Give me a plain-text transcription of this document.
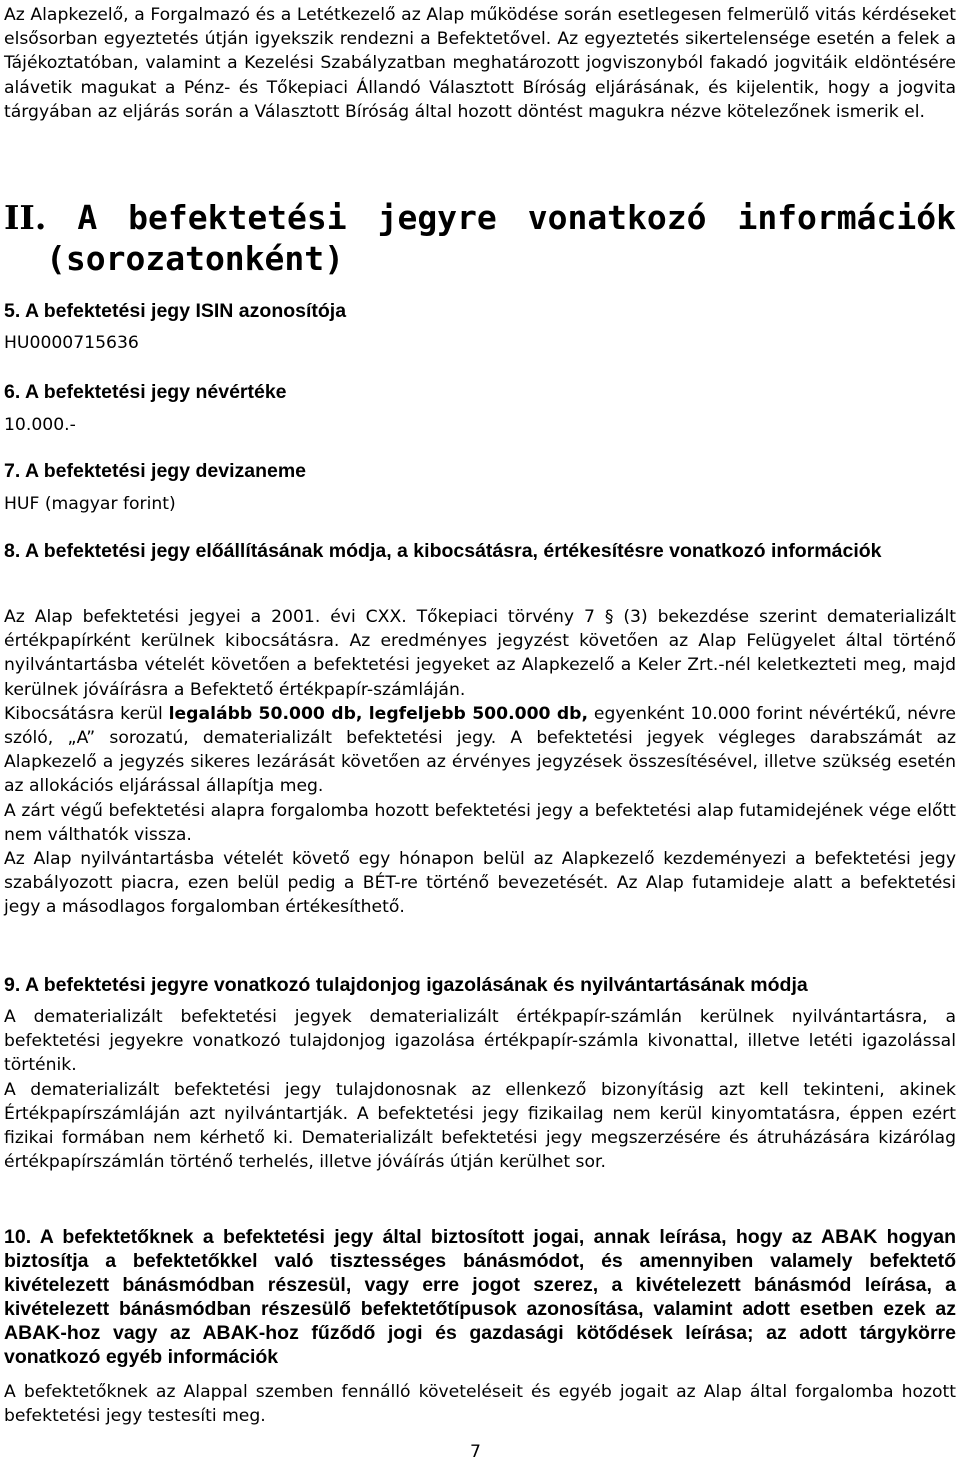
Az Alapkezelő, a Forgalmazó és a Letétkezelő az Alap működése során esetlegesen felmerülő vitás kérdéseket elsősorban egyeztetés útján igyekszik rendezni a Befektetővel. Az egyeztetés sikertelensége esetén a felek a Tájékoztatóban, valamint a Kezelési Szabályzatban meghatározott jogviszonyból fakadó jogvitáik eldöntésére alávetik magukat a Pénz- és Tőkepiaci Állandó Választott Bíróság eljárásának, és kijelentik, hogy a jogvita tárgyában az eljárás során a Választott Bíróság által hozott döntést magukra nézve kötelezőnek ismerik el.

II. A befektetési jegyre vonatkozó információk
(sorozatonként)

5. A befektetési jegy ISIN azonosítója

HU0000715636

6. A befektetési jegy névértéke

10.000.-

7. A befektetési jegy devizaneme

HUF (magyar forint)

8. A befektetési jegy előállításának módja, a kibocsátásra, értékesítésre vonatkozó információk

Az Alap befektetési jegyei a 2001. évi CXX. Tőkepiaci törvény 7 § (3) bekezdése szerint dematerializált értékpapírként kerülnek kibocsátásra. Az eredményes jegyzést követően az Alap Felügyelet által történő nyilvántartásba vételét követően a befektetési jegyeket az Alapkezelő a Keler Zrt.-nél keletkezteti meg, majd kerülnek jóváírásra a Befektető értékpapír-számláján.
Kibocsátásra kerül legalább 50.000 db, legfeljebb 500.000 db, egyenként 10.000 forint névértékű, névre szóló, „A” sorozatú, dematerializált befektetési jegy. A befektetési jegyek végleges darabszámát az Alapkezelő a jegyzés sikeres lezárását követően az érvényes jegyzések összesítésével, illetve szükség esetén az allokációs eljárással állapítja meg.
A zárt végű befektetési alapra forgalomba hozott befektetési jegy a befektetési alap futamidejének vége előtt nem válthatók vissza.
Az Alap nyilvántartásba vételét követő egy hónapon belül az Alapkezelő kezdeményezi a befektetési jegy szabályozott piacra, ezen belül pedig a BÉT-re történő bevezetését. Az Alap futamideje alatt a befektetési jegy a másodlagos forgalomban értékesíthető.

9. A befektetési jegyre vonatkozó tulajdonjog igazolásának és nyilvántartásának módja

A dematerializált befektetési jegyek dematerializált értékpapír-számlán kerülnek nyilvántartásra, a befektetési jegyekre vonatkozó tulajdonjog igazolása értékpapír-számla kivonattal, illetve letéti igazolással történik.
A dematerializált befektetési jegy tulajdonosnak az ellenkező bizonyításig azt kell tekinteni, akinek Értékpapírszámláján azt nyilvántartják. A befektetési jegy fizikailag nem kerül kinyomtatásra, éppen ezért fizikai formában nem kérhető ki. Dematerializált befektetési jegy megszerzésére és átruházására kizárólag értékpapírszámlán történő terhelés, illetve jóváírás útján kerülhet sor.

10. A befektetőknek a befektetési jegy által biztosított jogai, annak leírása, hogy az ABAK hogyan biztosítja a befektetőkkel való tisztességes bánásmódot, és amennyiben valamely befektető kivételezett bánásmódban részesül, vagy erre jogot szerez, a kivételezett bánásmód leírása, a kivételezett bánásmódban részesülő befektetőtípusok azonosítása, valamint adott esetben ezek az ABAK-hoz vagy az ABAK-hoz fűződő jogi és gazdasági kötődések leírása; az adott tárgykörre vonatkozó egyéb információk

A befektetőknek az Alappal szemben fennálló követeléseit és egyéb jogait az Alap által forgalomba hozott befektetési jegy testesíti meg.
7
